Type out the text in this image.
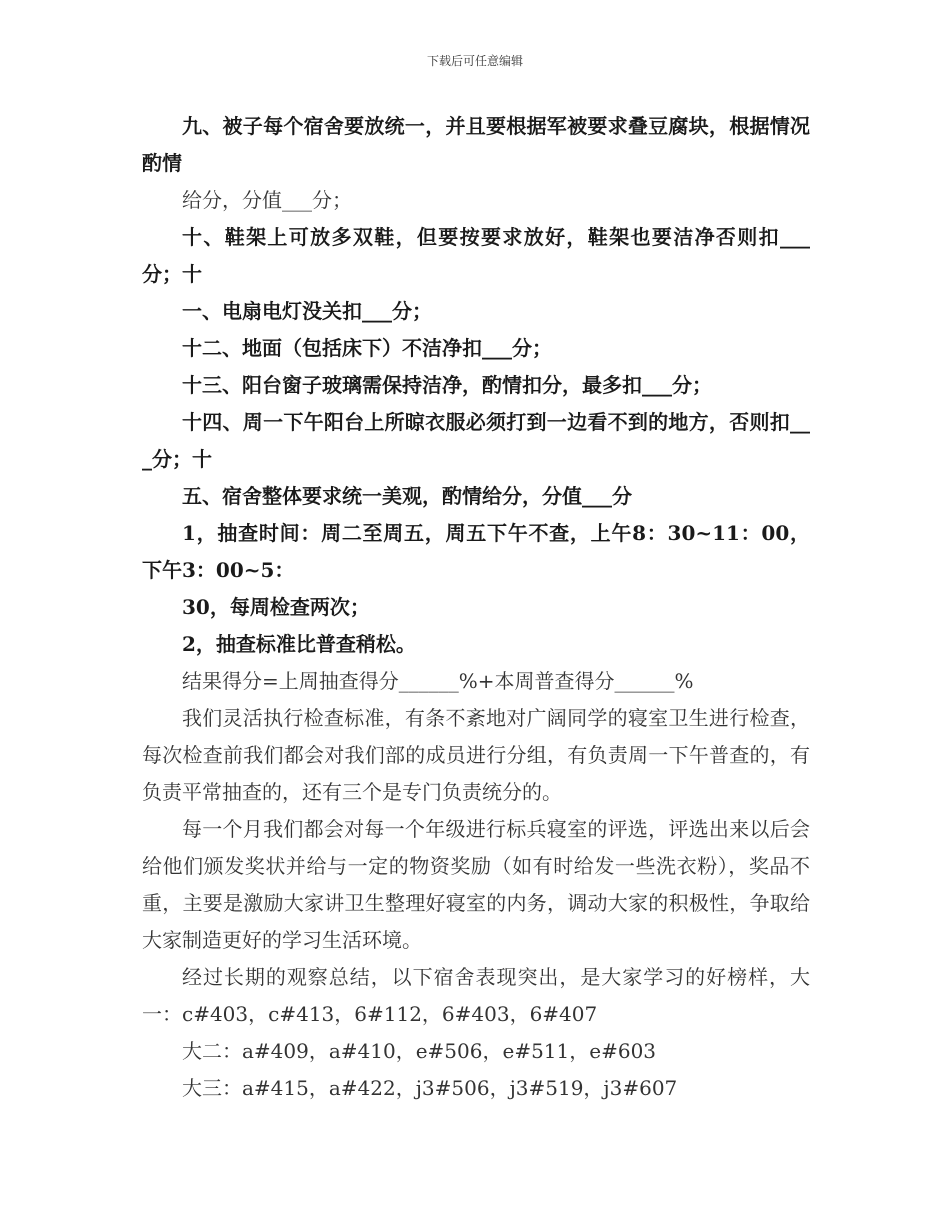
下载后可任意编辑

九、被子每个宿舍要放统一，并且要根据军被要求叠豆腐块，根据情况酌情

给分，分值___分；

十、鞋架上可放多双鞋，但要按要求放好，鞋架也要洁净否则扣___分；十

一、电扇电灯没关扣___分；

十二、地面（包括床下）不洁净扣___分；

十三、阳台窗子玻璃需保持洁净，酌情扣分，最多扣___分；

十四、周一下午阳台上所晾衣服必须打到一边看不到的地方，否则扣___分；十

五、宿舍整体要求统一美观，酌情给分，分值___分

1，抽查时间：周二至周五，周五下午不查，上午8：30~11：00，下午3：00~5：

30，每周检查两次；

2，抽查标准比普查稍松。

结果得分=上周抽查得分______%+本周普查得分______%

我们灵活执行检查标准，有条不紊地对广阔同学的寝室卫生进行检查，每次检查前我们都会对我们部的成员进行分组，有负责周一下午普查的，有负责平常抽查的，还有三个是专门负责统分的。

每一个月我们都会对每一个年级进行标兵寝室的评选，评选出来以后会给他们颁发奖状并给与一定的物资奖励（如有时给发一些洗衣粉），奖品不重，主要是激励大家讲卫生整理好寝室的内务，调动大家的积极性，争取给大家制造更好的学习生活环境。

经过长期的观察总结，以下宿舍表现突出，是大家学习的好榜样，大一：c#403，c#413，6#112，6#403，6#407

大二：a#409，a#410，e#506，e#511，e#603

大三：a#415，a#422，j3#506，j3#519，j3#607
